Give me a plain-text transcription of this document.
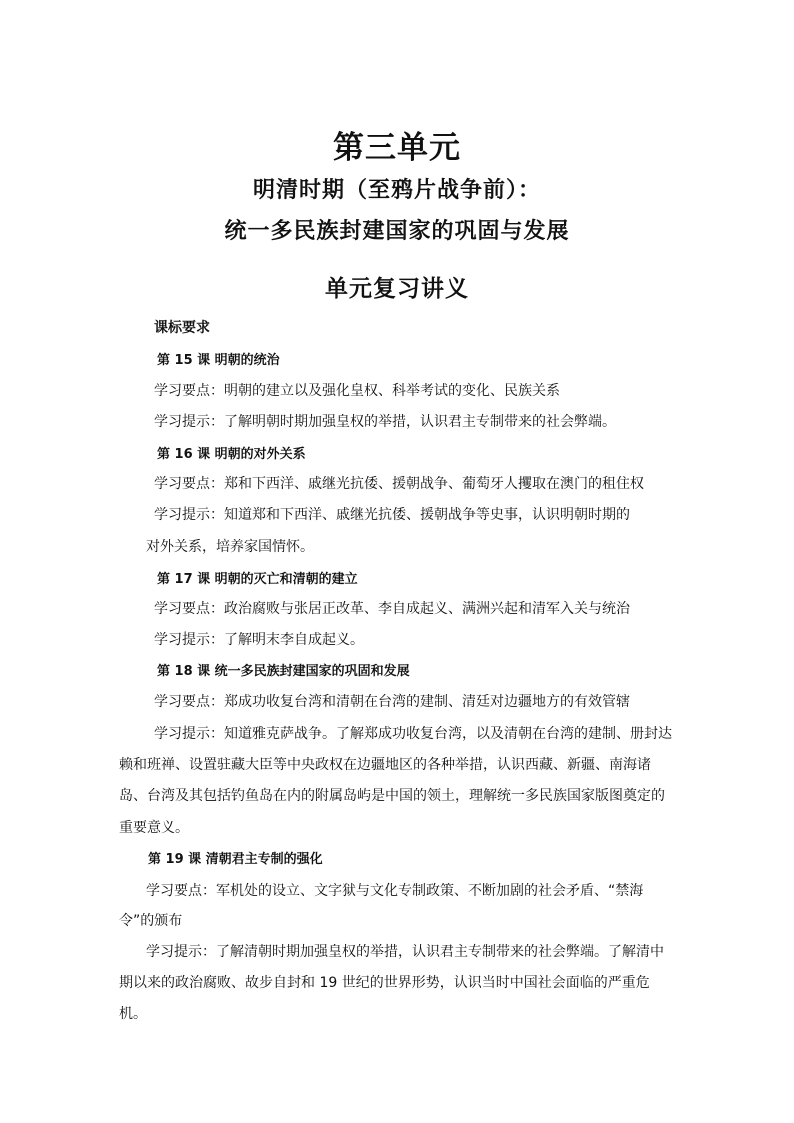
第三单元
明清时期（至鸦片战争前）：
统一多民族封建国家的巩固与发展
单元复习讲义
课标要求
第 15 课 明朝的统治
学习要点：明朝的建立以及强化皇权、科举考试的变化、民族关系
学习提示：了解明朝时期加强皇权的举措，认识君主专制带来的社会弊端。
第 16 课 明朝的对外关系
学习要点：郑和下西洋、戚继光抗倭、援朝战争、葡萄牙人攫取在澳门的租住权
学习提示：知道郑和下西洋、戚继光抗倭、援朝战争等史事，认识明朝时期的
对外关系，培养家国情怀。
第 17 课 明朝的灭亡和清朝的建立
学习要点：政治腐败与张居正改革、李自成起义、满洲兴起和清军入关与统治
学习提示：了解明末李自成起义。
第 18 课 统一多民族封建国家的巩固和发展
学习要点：郑成功收复台湾和清朝在台湾的建制、清廷对边疆地方的有效管辖
学习提示：知道雅克萨战争。了解郑成功收复台湾，以及清朝在台湾的建制、册封达
赖和班禅、设置驻藏大臣等中央政权在边疆地区的各种举措，认识西藏、新疆、南海诸
岛、台湾及其包括钓鱼岛在内的附属岛屿是中国的领土，理解统一多民族国家版图奠定的
重要意义。
第 19 课 清朝君主专制的强化
学习要点：军机处的设立、文字狱与文化专制政策、不断加剧的社会矛盾、“禁海
令”的颁布
学习提示：了解清朝时期加强皇权的举措，认识君主专制带来的社会弊端。了解清中
期以来的政治腐败、故步自封和 19 世纪的世界形势，认识当时中国社会面临的严重危
机。
